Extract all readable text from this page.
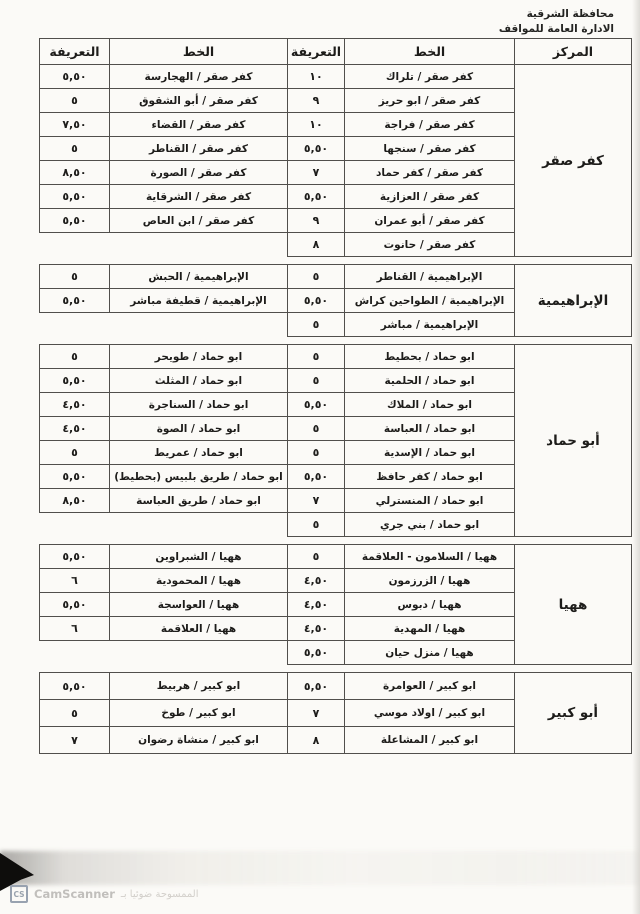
محافظة الشرقية
الادارة العامة للمواقف
المركز	الخط	التعريفة	الخط	التعريفة
كفر صقر	كفر صقر / تلراك	١٠	كفر صقر / الهجارسة	٥,٥٠
	كفر صقر / ابو حريز	٩	كفر صقر / أبو الشقوق	٥
	كفر صقر / فراجة	١٠	كفر صقر / القضاء	٧,٥٠
	كفر صقر / سنجها	٥,٥٠	كفر صقر / القناطر	٥
	كفر صقر / كفر حماد	٧	كفر صقر / الصورة	٨,٥٠
	كفر صقر / العزازية	٥,٥٠	كفر صقر / الشرقاية	٥,٥٠
	كفر صقر / أبو عمران	٩	كفر صقر / ابن العاص	٥,٥٠
	كفر صقر / حانوت	٨		
الإبراهيمية	الإبراهيمية / القناطر	٥	الإبراهيمية / الحبش	٥
	الإبراهيمية / الطواحين كراش	٥,٥٠	الإبراهيمية / قطيفة مباشر	٥,٥٠
	الإبراهيمية / مباشر	٥		
أبو حماد	ابو حماد / بحطيط	٥	ابو حماد / طويحر	٥
	ابو حماد / الحلمية	٥	ابو حماد / المثلث	٥,٥٠
	ابو حماد / الملاك	٥,٥٠	ابو حماد / السناجرة	٤,٥٠
	ابو حماد / العباسة	٥	ابو حماد / الصوة	٤,٥٠
	ابو حماد / الإسدية	٥	ابو حماد / عمريط	٥
	ابو حماد / كفر حافظ	٥,٥٠	ابو حماد / طريق بلبيس (بحطيط)	٥,٥٠
	ابو حماد / المنسترلي	٧	ابو حماد / طريق العباسة	٨,٥٠
	ابو حماد / بني جري	٥		
ههيا	ههيا / السلامون - العلاقمة	٥	ههيا / الشبراوين	٥,٥٠
	ههيا / الزرزمون	٤,٥٠	ههيا / المحمودية	٦
	ههيا / دبوس	٤,٥٠	ههيا / العواسجة	٥,٥٠
	ههيا / المهدية	٤,٥٠	ههيا / العلاقمة	٦
	ههيا / منزل حيان	٥,٥٠		
أبو كبير	ابو كبير / العوامرة	٥,٥٠	ابو كبير / هربيط	٥,٥٠
	ابو كبير / اولاد موسي	٧	ابو كبير / طوخ	٥
	ابو كبير / المشاعلة	٨	ابو كبير / منشاة رضوان	٧
CS CamScanner الممسوحة ضوئيا بـ
